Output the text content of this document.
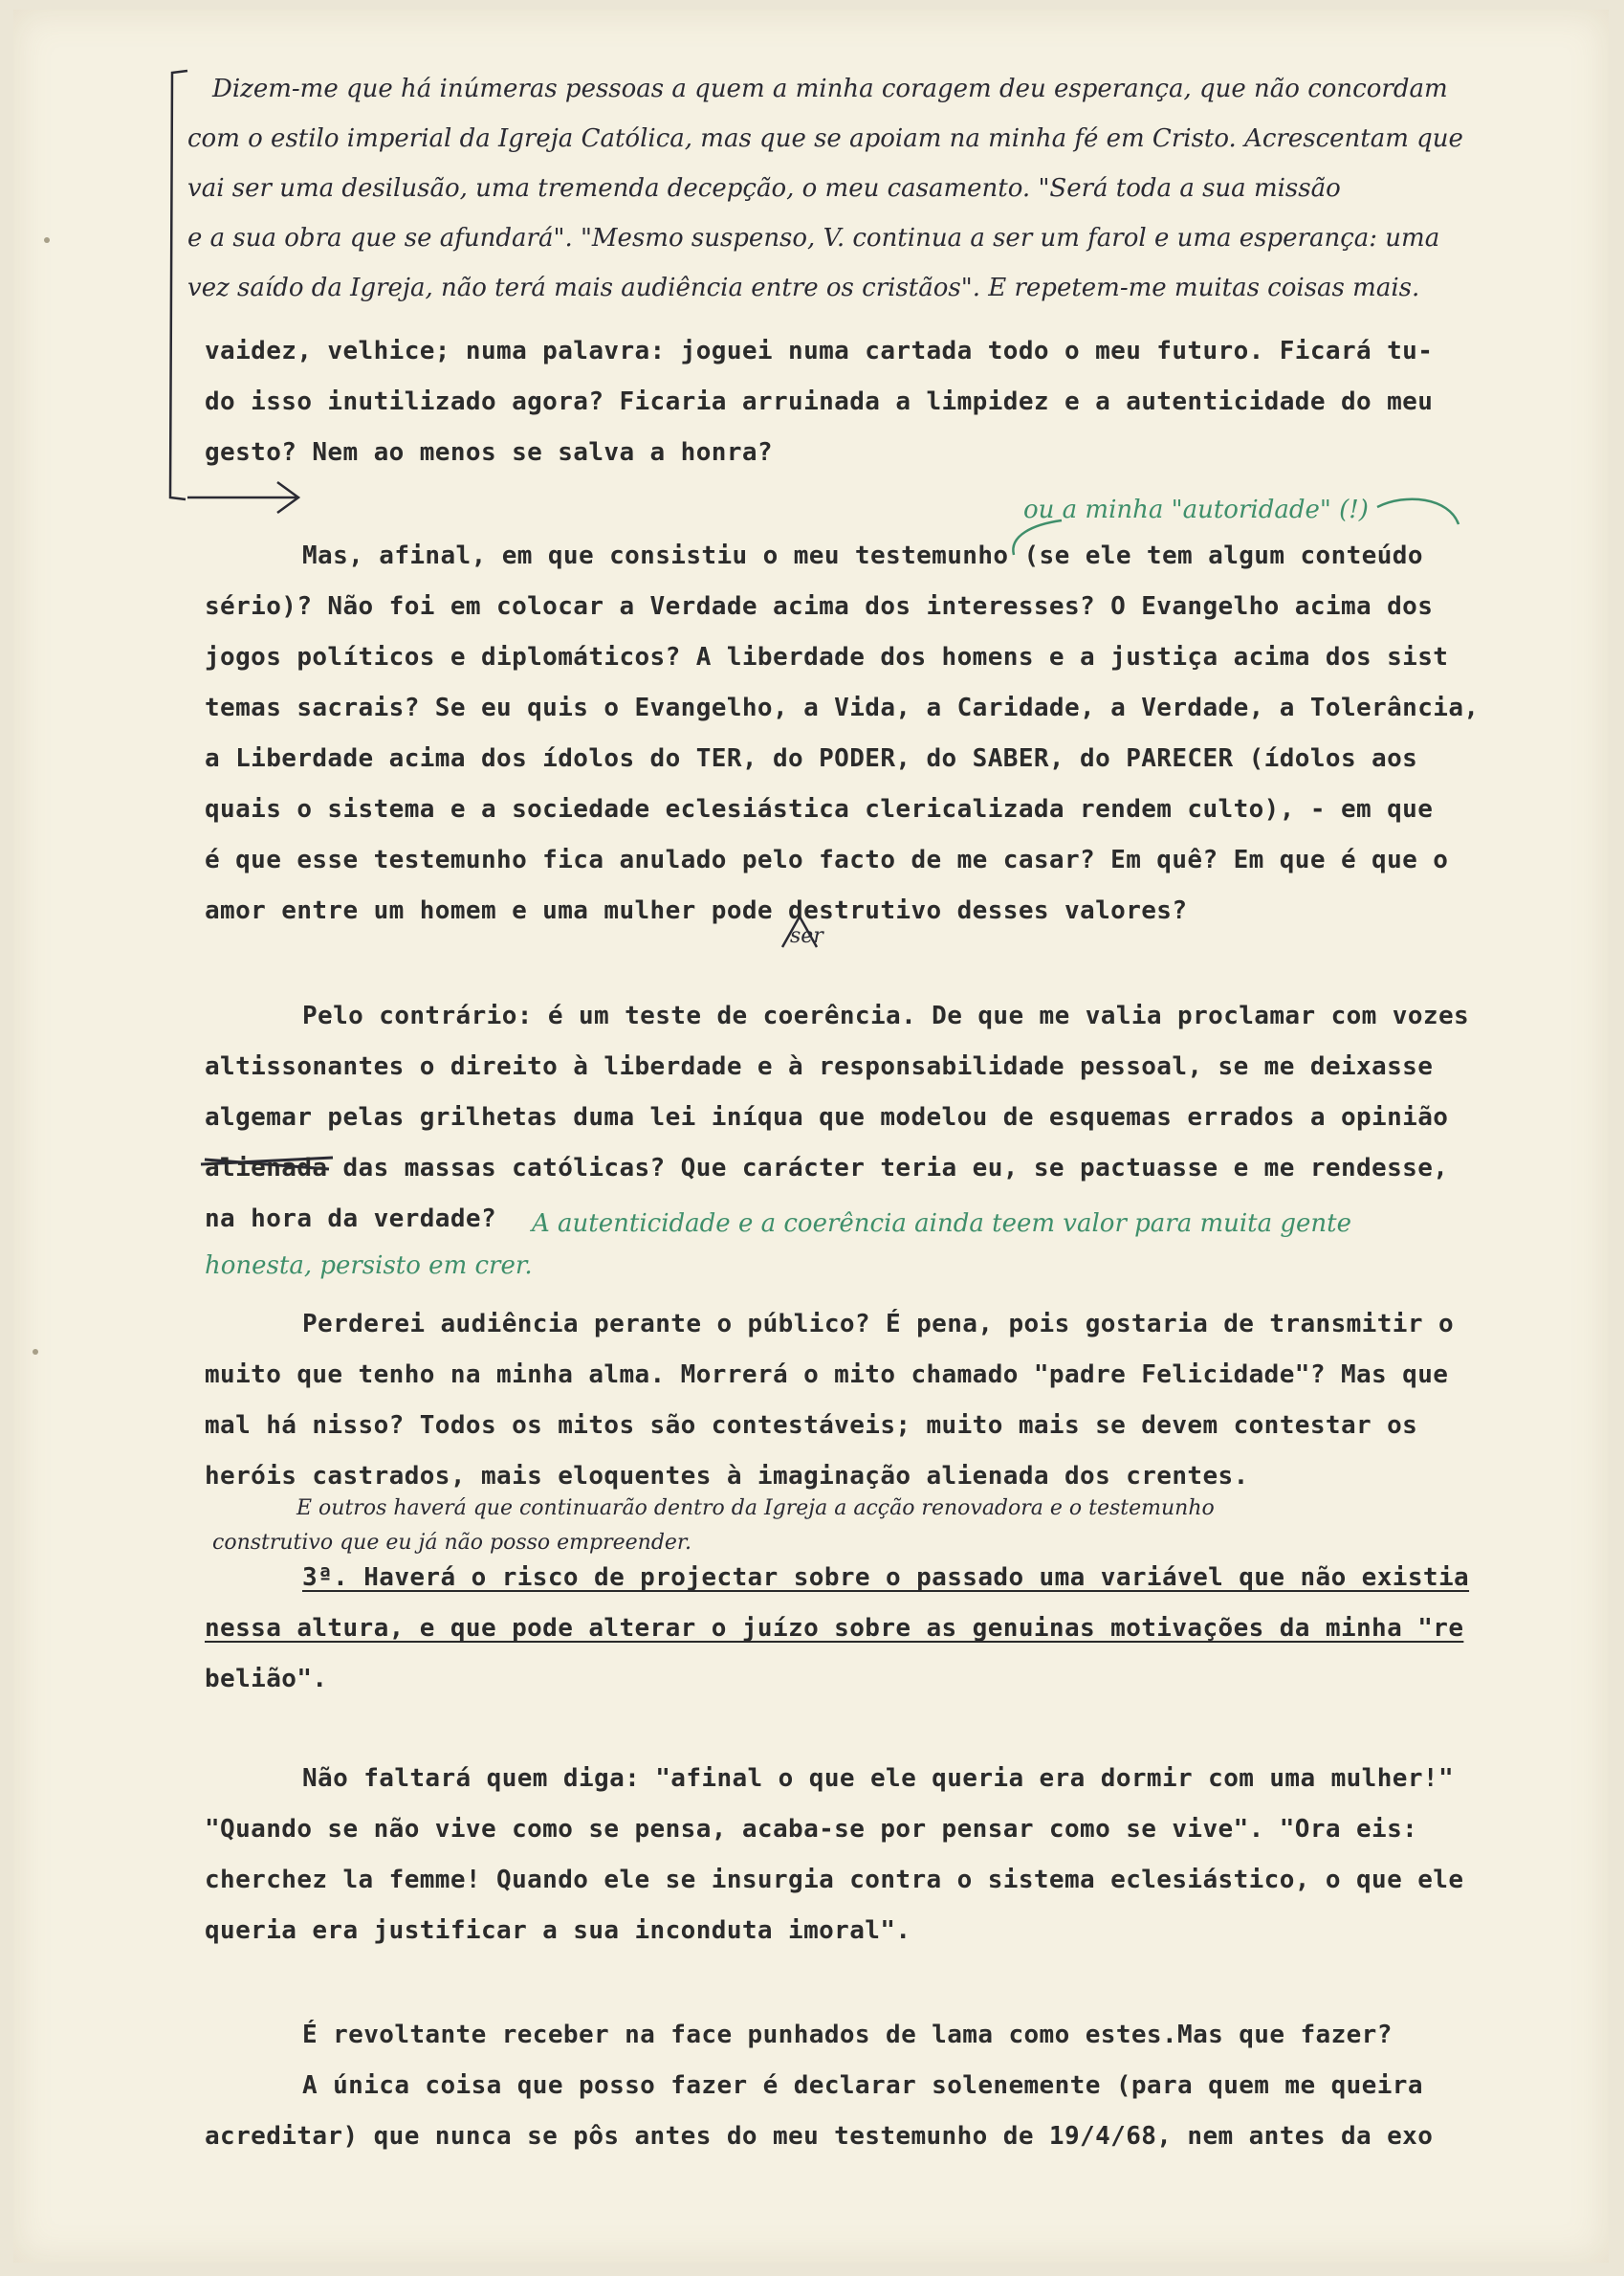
Dizem-me que há inúmeras pessoas a quem a minha coragem deu esperança, que não concordam
com o estilo imperial da Igreja Católica, mas que se apoiam na minha fé em Cristo. Acrescentam que
vai ser uma desilusão, uma tremenda decepção, o meu casamento. "Será toda a sua missão
e a sua obra que se afundará". "Mesmo suspenso, V. continua a ser um farol e uma esperança: uma
vez saído da Igreja, não terá mais audiência entre os cristãos". E repetem-me muitas coisas mais.
vaidez, velhice; numa palavra: joguei numa cartada todo o meu futuro. Ficará tu-
do isso inutilizado agora? Ficaria arruinada a limpidez e a autenticidade do meu
gesto? Nem ao menos se salva a honra?
ou a minha "autoridade" (!)
Mas, afinal, em que consistiu o meu testemunho (se ele tem algum conteúdo
sério)? Não foi em colocar a Verdade acima dos interesses? O Evangelho acima dos
jogos políticos e diplomáticos? A liberdade dos homens e a justiça acima dos sist
temas sacrais? Se eu quis o Evangelho, a Vida, a Caridade, a Verdade, a Tolerância,
a Liberdade acima dos ídolos do TER, do PODER, do SABER, do PARECER (ídolos aos
quais o sistema e a sociedade eclesiástica clericalizada rendem culto), - em que
é que esse testemunho fica anulado pelo facto de me casar? Em quê? Em que é que o
amor entre um homem e uma mulher pode destrutivo desses valores?
ser
Pelo contrário: é um teste de coerência. De que me valia proclamar com vozes
altissonantes o direito à liberdade e à responsabilidade pessoal, se me deixasse
algemar pelas grilhetas duma lei iníqua que modelou de esquemas errados a opinião
alienada das massas católicas? Que carácter teria eu, se pactuasse e me rendesse,
na hora da verdade? A autenticidade e a coerência ainda teem valor para muita gente
honesta, persisto em crer.
Perderei audiência perante o público? É pena, pois gostaria de transmitir o
muito que tenho na minha alma. Morrerá o mito chamado "padre Felicidade"? Mas que
mal há nisso? Todos os mitos são contestáveis; muito mais se devem contestar os
heróis castrados, mais eloquentes à imaginação alienada dos crentes.
E outros haverá que continuarão dentro da Igreja a acção renovadora e o testemunho
construtivo que eu já não posso empreender.
3ª. Haverá o risco de projectar sobre o passado uma variável que não existia
nessa altura, e que pode alterar o juízo sobre as genuinas motivações da minha "re
belião".
Não faltará quem diga: "afinal o que ele queria era dormir com uma mulher!"
"Quando se não vive como se pensa, acaba-se por pensar como se vive". "Ora eis:
cherchez la femme! Quando ele se insurgia contra o sistema eclesiástico, o que ele
queria era justificar a sua inconduta imoral".
É revoltante receber na face punhados de lama como estes.Mas que fazer?
A única coisa que posso fazer é declarar solenemente (para quem me queira
acreditar) que nunca se pôs antes do meu testemunho de 19/4/68, nem antes da exo
